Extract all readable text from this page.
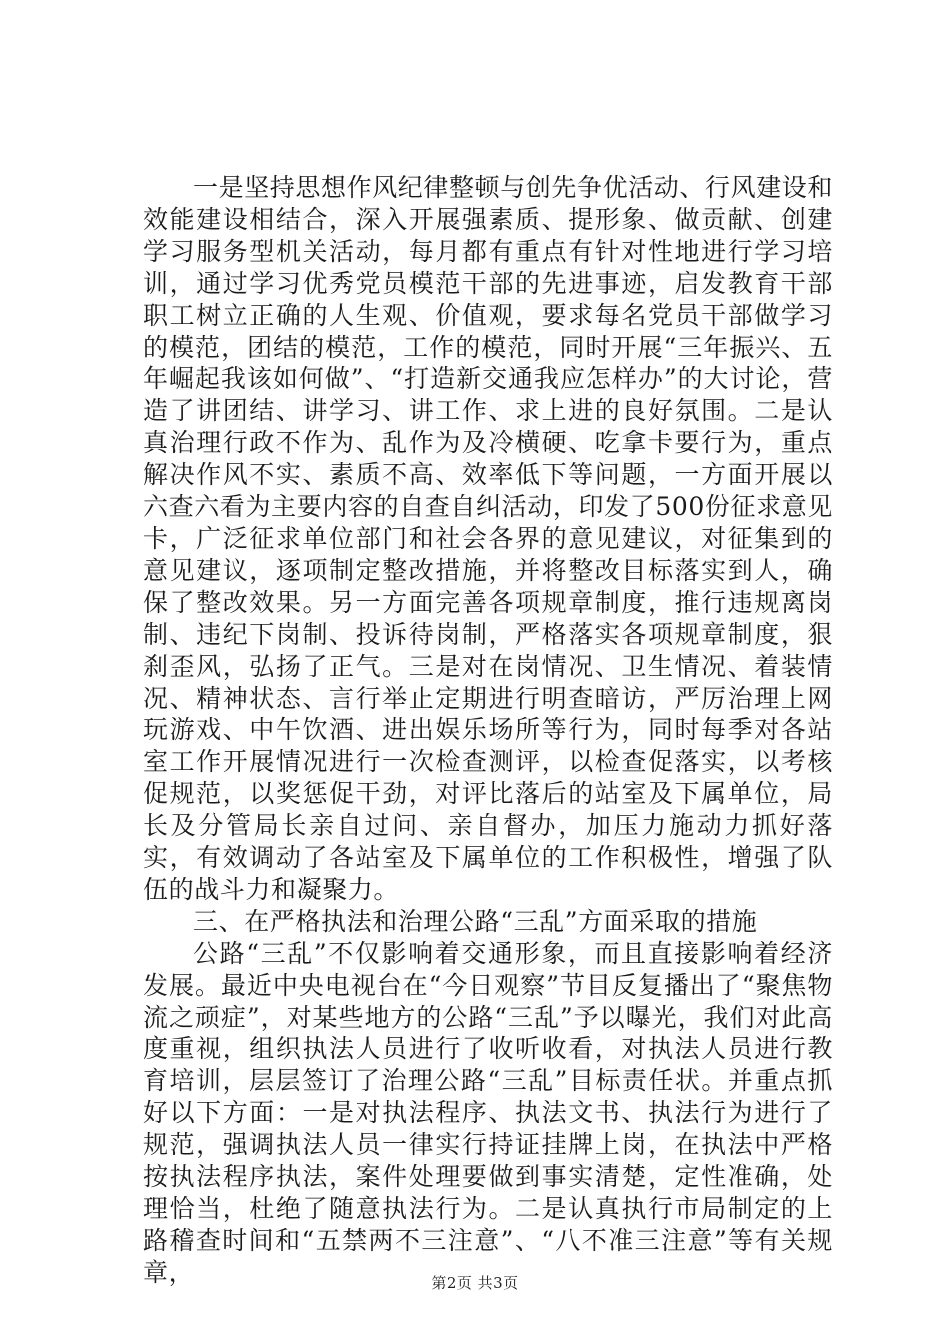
一是坚持思想作风纪律整顿与创先争优活动、行风建设和效能建设相结合，深入开展强素质、提形象、做贡献、创建学习服务型机关活动，每月都有重点有针对性地进行学习培训，通过学习优秀党员模范干部的先进事迹，启发教育干部职工树立正确的人生观、价值观，要求每名党员干部做学习的模范，团结的模范，工作的模范，同时开展“三年振兴、五年崛起我该如何做”、“打造新交通我应怎样办”的大讨论，营造了讲团结、讲学习、讲工作、求上进的良好氛围。二是认真治理行政不作为、乱作为及冷横硬、吃拿卡要行为，重点解决作风不实、素质不高、效率低下等问题，一方面开展以六查六看为主要内容的自查自纠活动，印发了500份征求意见卡，广泛征求单位部门和社会各界的意见建议，对征集到的意见建议，逐项制定整改措施，并将整改目标落实到人，确保了整改效果。另一方面完善各项规章制度，推行违规离岗制、违纪下岗制、投诉待岗制，严格落实各项规章制度，狠刹歪风，弘扬了正气。三是对在岗情况、卫生情况、着装情况、精神状态、言行举止定期进行明查暗访，严厉治理上网玩游戏、中午饮酒、进出娱乐场所等行为，同时每季对各站室工作开展情况进行一次检查测评，以检查促落实，以考核促规范，以奖惩促干劲，对评比落后的站室及下属单位，局长及分管局长亲自过问、亲自督办，加压力施动力抓好落实，有效调动了各站室及下属单位的工作积极性，增强了队伍的战斗力和凝聚力。

三、在严格执法和治理公路“三乱”方面采取的措施

公路“三乱”不仅影响着交通形象，而且直接影响着经济发展。最近中央电视台在“今日观察”节目反复播出了“聚焦物流之顽症”，对某些地方的公路“三乱”予以曝光，我们对此高度重视，组织执法人员进行了收听收看，对执法人员进行教育培训，层层签订了治理公路“三乱”目标责任状。并重点抓好以下方面：一是对执法程序、执法文书、执法行为进行了规范，强调执法人员一律实行持证挂牌上岗，在执法中严格按执法程序执法，案件处理要做到事实清楚，定性准确，处理恰当，杜绝了随意执法行为。二是认真执行市局制定的上路稽查时间和“五禁两不三注意”、“八不准三注意”等有关规章，	第2页 共3页
